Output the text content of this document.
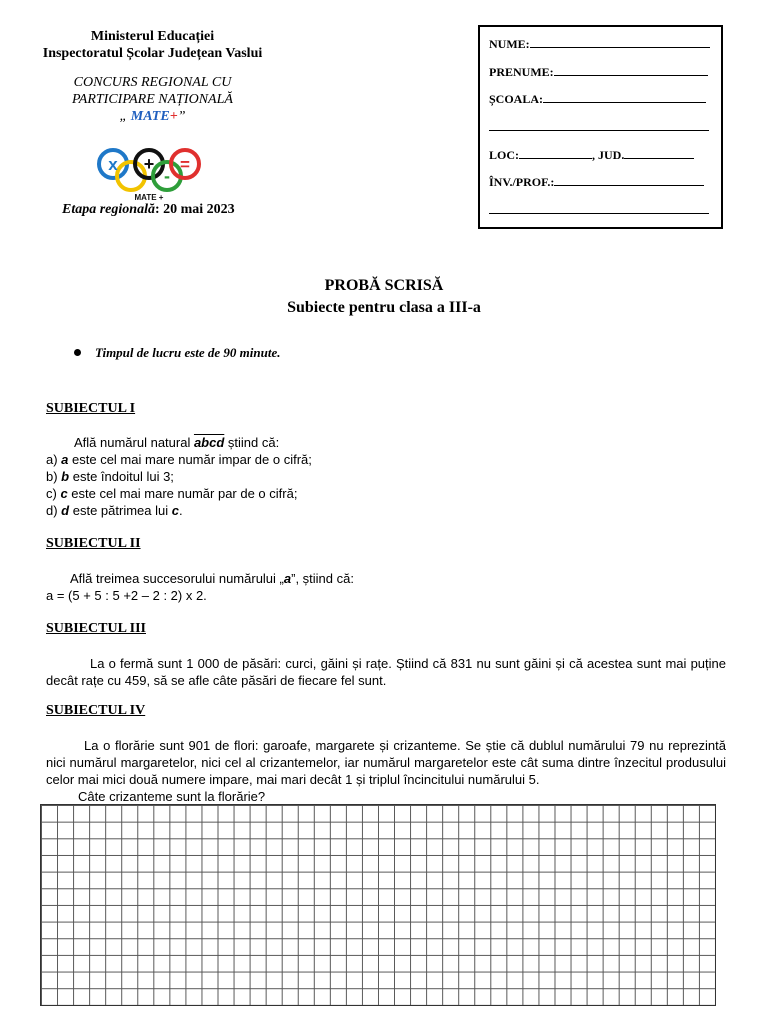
Ministerul Educației
Inspectoratul Școlar Județean Vaslui
CONCURS REGIONAL CU
PARTICIPARE NAȚIONALĂ
„ MATE+”
x +
-
=
MATE +
Etapa regională: 20 mai 2023
NUME:
PRENUME:
ȘCOALA:
LOC:	, JUD.
ÎNV./PROF.:
PROBĂ SCRISĂ
Subiecte pentru clasa a III-a
Timpul de lucru este de 90 minute.
SUBIECTUL I
Află numărul natural abcd știind că:
a) a este cel mai mare număr impar de o cifră;
b) b este îndoitul lui 3;
c) c este cel mai mare număr par de o cifră;
d) d este pătrimea lui c.
SUBIECTUL II
Află treimea succesorului numărului „a”, știind că:
a = (5 + 5 : 5 +2 – 2 : 2) x 2.
SUBIECTUL III
La o fermă sunt 1 000 de păsări: curci, găini și rațe. Știind că 831 nu sunt găini și că acestea sunt mai puține decât rațe cu 459, să se afle câte păsări de fiecare fel sunt.
SUBIECTUL IV
La o florărie sunt 901 de flori: garoafe, margarete și crizanteme. Se știe că dublul numărului 79 nu reprezintă nici numărul margaretelor, nici cel al crizantemelor, iar numărul margaretelor este cât suma dintre înzecitul produsului celor mai mici două numere impare, mai mari decât 1 și triplul încincitului numărului 5.
Câte crizanteme sunt la florărie?
